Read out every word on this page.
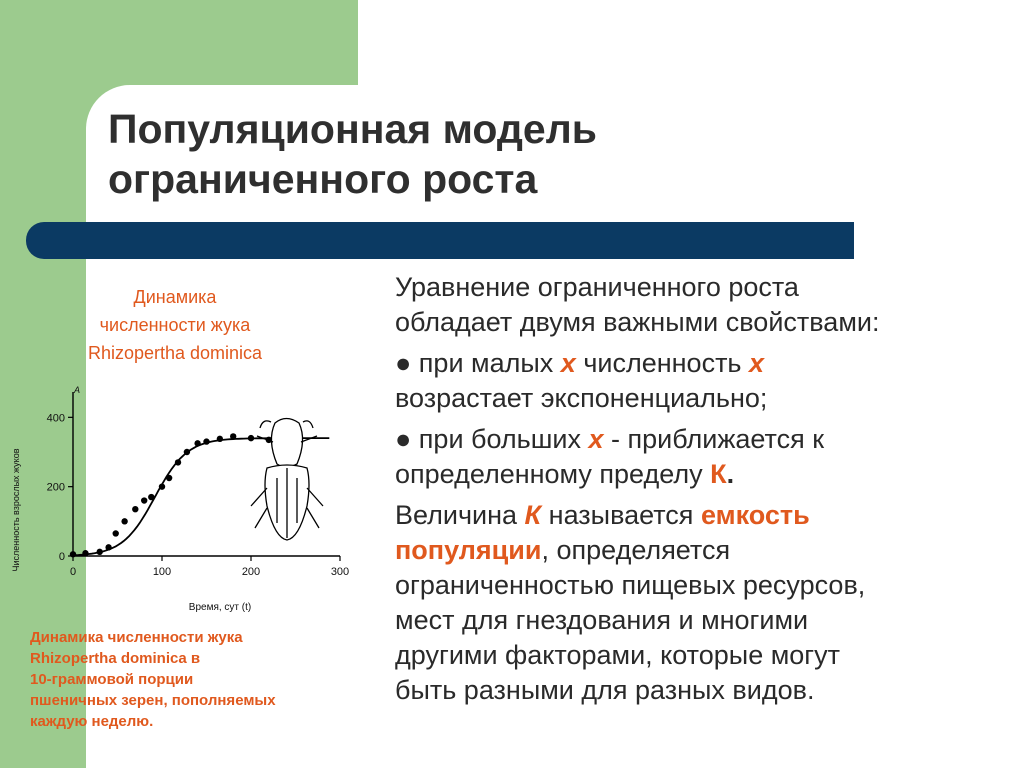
Популяционная модель
ограниченного роста
Динамика
численности жука
Rhizopertha dominica
Численность взрослых жуков
A
Время, сут (t)
0	100	200	300
0
200
400
Динамика численности жука
Rhizopertha dominica в
10-граммовой порции
пшеничных зерен, пополняемых
каждую неделю.

Уравнение ограниченного роста
обладает двумя важными свойствами:

● при малых x численность x
возрастает экспоненциально;

● при больших x - приближается к
определенному пределу К.

Величина К называется емкость
популяции, определяется
ограниченностью пищевых ресурсов,
мест для гнездования и многими
другими факторами, которые могут
быть разными для разных видов.
